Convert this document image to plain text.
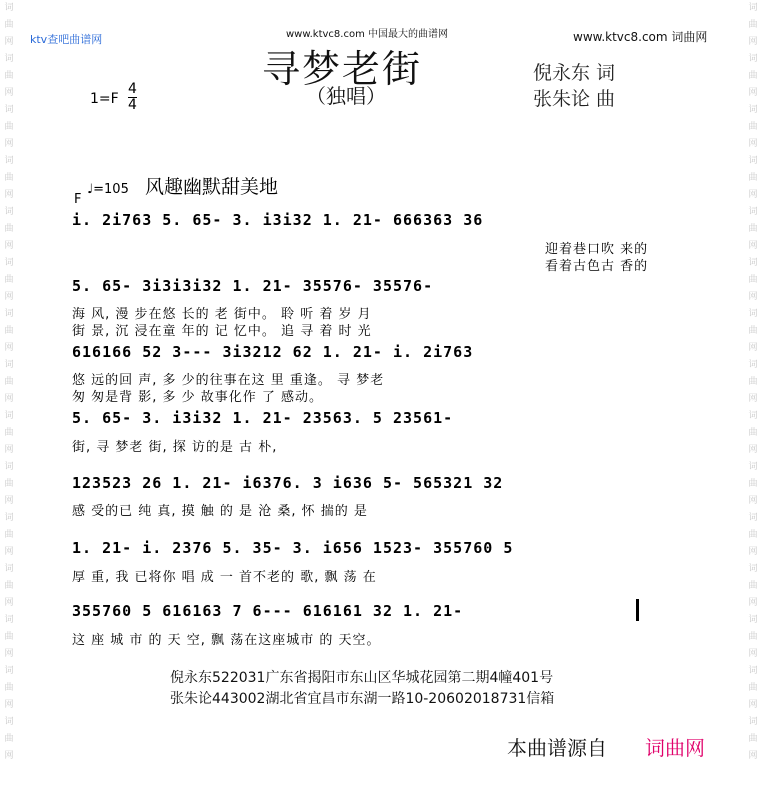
词
曲
网
词
曲
网
词
曲
网
词
曲
网
词
曲
网
词
曲
网
词
曲
网
词
曲
网
词
曲
网
词
曲
网
词
曲
网
词
曲
网
词
曲
网
词
曲
网
词
曲
网
词
曲
网
词
曲
网
词
曲
网
词
曲
网
词
曲
网
词
曲
网
词
曲
网
词
曲
网
词
曲
网
词
曲
网
词
曲
网
词
曲
网
词
曲
网
词
曲
网
词
曲
网
ktv查吧曲谱网	www.ktvc8.com 中国最大的曲谱网	www.ktvc8.com 词曲网
寻梦老街
（独唱）
倪永东 词
张朱论 曲
1=F
4
4
F
♩=105 风趣幽默甜美地
i. 2i763 5. 65- 3. i3i32 1. 21- 666363 36
迎着巷口吹 来的
看着古色古 香的
5. 65- 3i3i3i32 1. 21- 35576- 35576-
海 风, 漫 步在悠 长的 老 街中。 聆 听 着 岁 月
街 景, 沉 浸在童 年的 记 忆中。 追 寻 着 时 光
616166 52 3--- 3i3212 62 1. 21- i. 2i763
悠 远的回 声, 多 少的往事在这 里 重逢。 寻 梦老
匆 匆是背 影, 多 少 故事化作 了 感动。
5. 65- 3. i3i32 1. 21- 23563. 5 23561-
街, 寻 梦老 街, 探 访的是 古 朴,
123523 26 1. 21- i6376. 3 i636 5- 565321 32
感 受的已 纯 真, 摸 触 的 是 沧 桑, 怀 揣的 是
1. 21- i. 2376 5. 35- 3. i656 1523- 355760 5
厚 重, 我 已将你 唱 成 一 首不老的 歌, 飘 荡 在
355760 5 616163 7 6--- 616161 32 1. 21-
这 座 城 市 的 天 空, 飘 荡在这座城市 的 天空。
倪永东522031广东省揭阳市东山区华城花园第二期4幢401号
张朱论443002湖北省宜昌市东湖一路10-20602018731信箱
本曲谱源自 词曲网
